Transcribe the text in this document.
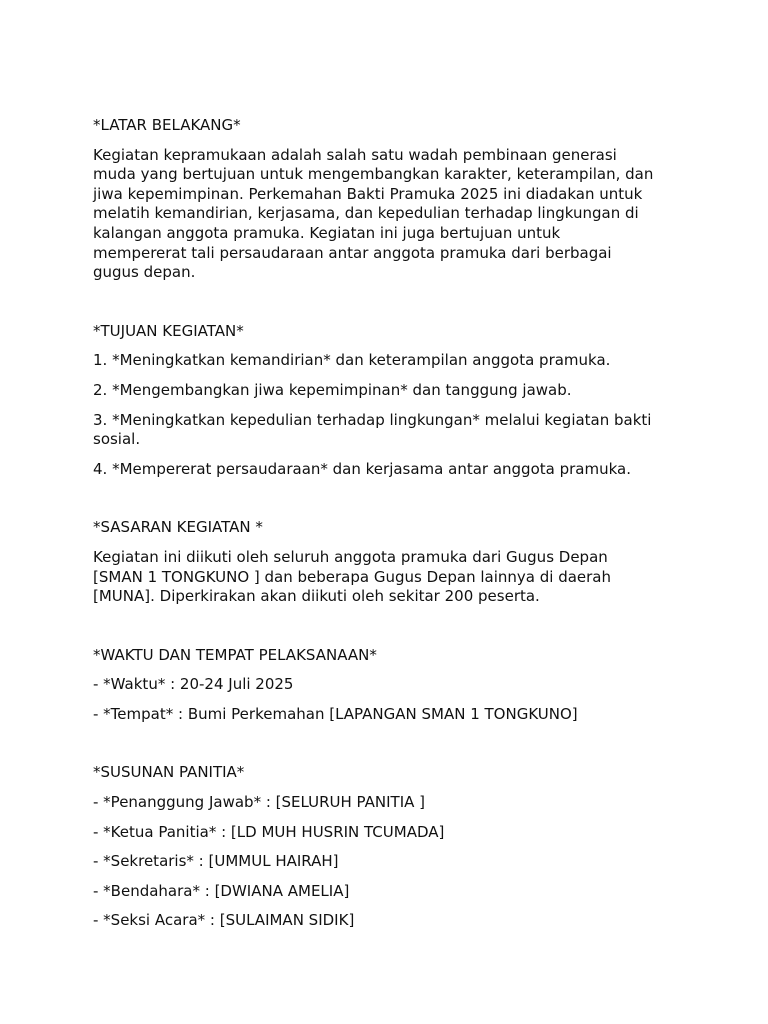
*LATAR BELAKANG*
Kegiatan kepramukaan adalah salah satu wadah pembinaan generasi
muda yang bertujuan untuk mengembangkan karakter, keterampilan, dan
jiwa kepemimpinan. Perkemahan Bakti Pramuka 2025 ini diadakan untuk
melatih kemandirian, kerjasama, dan kepedulian terhadap lingkungan di
kalangan anggota pramuka. Kegiatan ini juga bertujuan untuk
mempererat tali persaudaraan antar anggota pramuka dari berbagai
gugus depan.
*TUJUAN KEGIATAN*
1. *Meningkatkan kemandirian* dan keterampilan anggota pramuka.
2. *Mengembangkan jiwa kepemimpinan* dan tanggung jawab.
3. *Meningkatkan kepedulian terhadap lingkungan* melalui kegiatan bakti
sosial.
4. *Mempererat persaudaraan* dan kerjasama antar anggota pramuka.
*SASARAN KEGIATAN *
Kegiatan ini diikuti oleh seluruh anggota pramuka dari Gugus Depan
[SMAN 1 TONGKUNO ] dan beberapa Gugus Depan lainnya di daerah
[MUNA]. Diperkirakan akan diikuti oleh sekitar 200 peserta.
*WAKTU DAN TEMPAT PELAKSANAAN*
- *Waktu* : 20-24 Juli 2025
- *Tempat* : Bumi Perkemahan [LAPANGAN SMAN 1 TONGKUNO]
*SUSUNAN PANITIA*
- *Penanggung Jawab* : [SELURUH PANITIA ]
- *Ketua Panitia* : [LD MUH HUSRIN TCUMADA]
- *Sekretaris* : [UMMUL HAIRAH]
- *Bendahara* : [DWIANA AMELIA]
- *Seksi Acara* : [SULAIMAN SIDIK]
